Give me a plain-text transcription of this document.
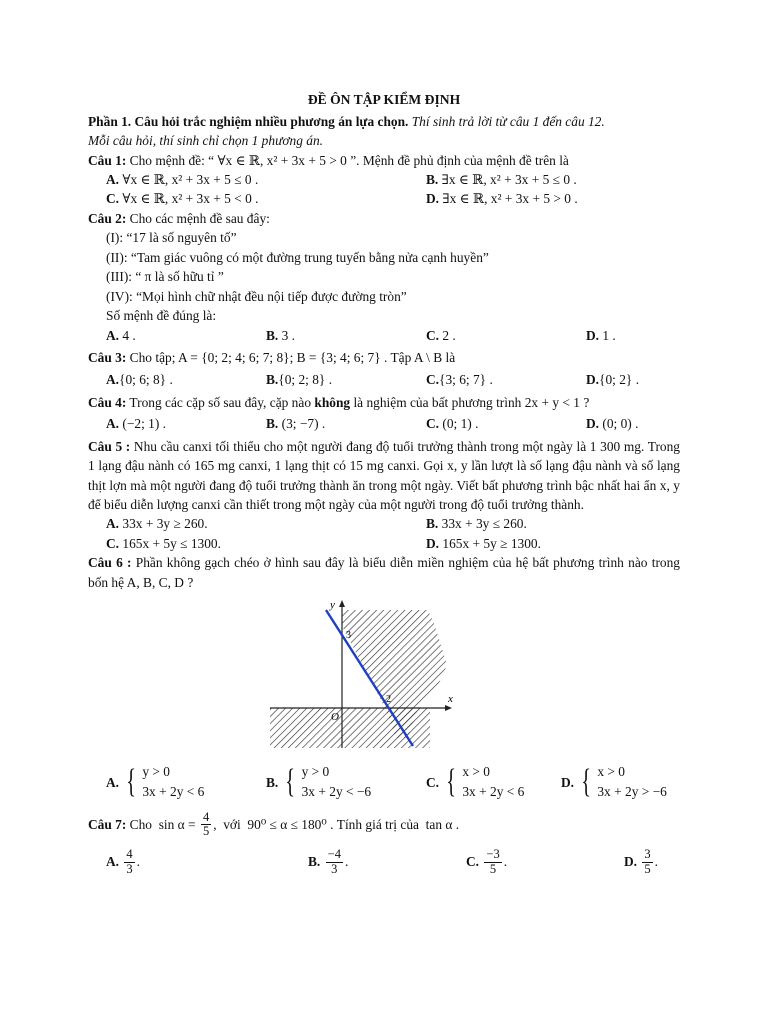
ĐỀ ÔN TẬP KIỂM ĐỊNH
Phần 1. Câu hỏi trắc nghiệm nhiều phương án lựa chọn. Thí sinh trả lời từ câu 1 đến câu 12.
Mỗi câu hỏi, thí sinh chỉ chọn 1 phương án.
Câu 1: Cho mệnh đề: “ ∀x ∈ ℝ, x² + 3x + 5 > 0 ”. Mệnh đề phủ định của mệnh đề trên là
A. ∀x ∈ ℝ, x² + 3x + 5 ≤ 0 .	B. ∃x ∈ ℝ, x² + 3x + 5 ≤ 0 .
C. ∀x ∈ ℝ, x² + 3x + 5 < 0 .	D. ∃x ∈ ℝ, x² + 3x + 5 > 0 .
Câu 2: Cho các mệnh đề sau đây:
(I): “17 là số nguyên tố”
(II): “Tam giác vuông có một đường trung tuyến bằng nửa cạnh huyền”
(III): “ π là số hữu tỉ ”
(IV): “Mọi hình chữ nhật đều nội tiếp được đường tròn”
Số mệnh đề đúng là:
A. 4 .	B. 3 .	C. 2 .	D. 1 .
Câu 3: Cho tập; A = {0; 2; 4; 6; 7; 8}; B = {3; 4; 6; 7} . Tập A \ B là
A.{0; 6; 8} .	B.{0; 2; 8} .	C.{3; 6; 7} .	D.{0; 2} .
Câu 4: Trong các cặp số sau đây, cặp nào không là nghiệm của bất phương trình 2x + y < 1 ?
A. (−2; 1) .	B. (3; −7) .	C. (0; 1) .	D. (0; 0) .
Câu 5 : Nhu cầu canxi tối thiểu cho một người đang độ tuổi trưởng thành trong một ngày là 1 300 mg. Trong 1 lạng đậu nành có 165 mg canxi, 1 lạng thịt có 15 mg canxi. Gọi x, y lần lượt là số lạng đậu nành và số lạng thịt lợn mà một người đang độ tuổi trưởng thành ăn trong một ngày. Viết bất phương trình bậc nhất hai ẩn x, y để biểu diễn lượng canxi cần thiết trong một ngày của một người trong độ tuổi trưởng thành.
A. 33x + 3y ≥ 260.	B. 33x + 3y ≤ 260.
C. 165x + 5y ≤ 1300.	D. 165x + 5y ≥ 1300.
Câu 6 : Phần không gạch chéo ở hình sau đây là biểu diễn miền nghiệm của hệ bất phương trình nào trong bốn hệ A, B, C, D ?
y
x
O
3
2
A. { y > 0
3x + 2y < 6
B. { y > 0
3x + 2y < −6
C. { x > 0
3x + 2y < 6
D. { x > 0
3x + 2y > −6
Câu 7: Cho  $\sin \alpha = \frac{4}{5}$ ,  với  90⁰ ≤ α ≤ 180⁰ . Tính giá trị của  tan α .
A.
$\frac{4}{3}$ .	B.
$\frac{-4}{3}$ .	C.
$\frac{-3}{5}$ .	D.
$\frac{3}{5}$ .
